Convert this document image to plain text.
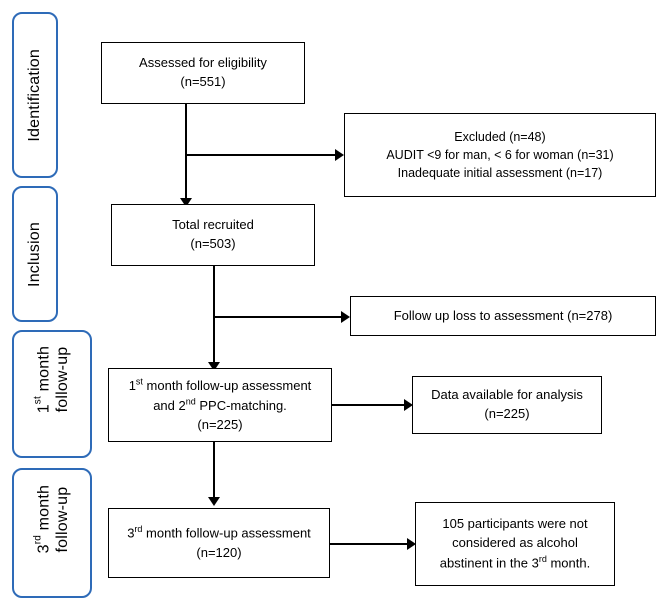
Identification
Inclusion

1st month
follow-up

3rd month
follow-up

Assessed for eligibility
(n=551)
Excluded (n=48)
AUDIT <9 for man, < 6 for woman (n=31)
Inadequate initial assessment (n=17)
Total recruited
(n=503)
Follow up loss to assessment (n=278)
1st month follow-up assessment
and 2nd PPC-matching.
(n=225)
Data available for analysis
(n=225)
3rd month follow-up assessment
(n=120)
105 participants were not
considered as alcohol
abstinent in the 3rd month.
